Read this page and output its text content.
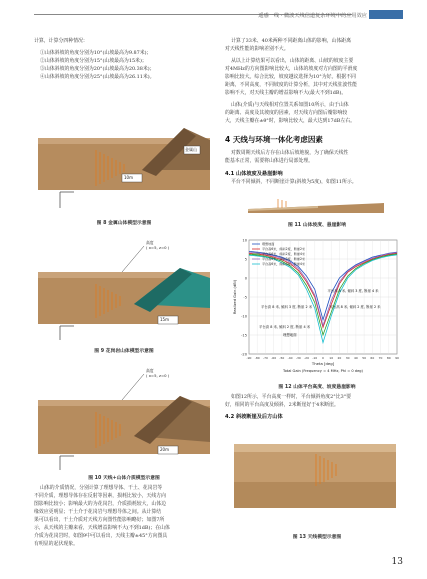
遥感一线 · 微波天线信道复杂环境中的应用效应
计算，计算分四种情况：
①山体斜坡的角度分别为10°(山坡最高为9.87米)；
②山体斜坡的角度分别为15°(山坡最高为15米)；
③山体斜坡的角度分别为20°(山坡最高为20.38米)；
④山体斜坡的角度分别为25°(山坡最高为26.11米)。
10m
金属山
图 8 金属山体模型示意图
高度
( x=5, z=0 )
15m
图 9 花岗岩山体模型示意图
高度
( x=5, z=0 )
20m
图 10 天线+山体介质模型示意图
山体的介质情况，分别计算了理想导体、干土、花岗岩等
不同介质，理想导体存在反射等因素，损耗比较小，天线方向
图影响比较小；影响最大的为花岗岩，介质损耗较大，山体边
缘效应更明显；干土介于花岗岩与理想导体之间。从计算结
果可以看出，干土介质对天线方向图性能影响略好；如图7所
示，从天线的主瓣来看，天线增益影响不大(不到1dB)；在山体
介质为花岗岩时，如图9中可以看出，天线主瓣±45°方向图具
有明显的起伏现象。
计算了33米、40米两种不同距离山体的影响，山体距离
对天线性能的影响差别不大。
从以上计算结果可以看出，山体的距离、山坡的坡度主要
对4MHz的方向图影响比较大，山体的坡度对方向图的平滑度
影响比较大。综合比较，坡度越议选择为10°为好。根据不同
距离，不同高度，不同坡度的计算分析，其中对天线驻波性能
影响不大，对天线主瓣的增益影响不大(最大不到1dB)。
山体(介质)与天线相对位置关系如图10所示，由于山体
的距离、高度及其坡度的因素，对天线方向图后瓣影响较
大，天线主瓣在±θ°时，影响比较大，最大达到17dB左右。
4 天线与环境一体化考虑因素
对数周期天线后方存在山体后坡地貌，为了确保天线性
能基本正常，需要将山体进行局部处理。
4.1 山体坡度及悬崖影响
平台不同倾斜，不同断崖计算(斜坡为5度)，如图11所示。
图 11 山体坡度、悬崖影响
-20
-15
-10
-5
0
5
10
-90 -80 -70 -60 -50 -40 -30 -20 -10 0 10 20 30 40 50 60 70 80 90
Theta [deg]
Total Gain (Frequency = 4 MHz, Phi = 0 deg)
Realized Gain (dBi)
理想地面
平台高6米，倾斜2度，断崖2米
平台高6米，倾斜2度，断崖4米
平台高6米，倾斜3度，断崖2米
平台高6米，倾斜3度，断崖4米
平台高 8 米, 倾斜 3 度, 断崖 4 米
平台高 8 米, 倾斜 2 度, 断崖 2 米
平台高 8 米, 倾斜 3 度, 断崖 2 米
平台高 8 米, 倾斜 2 度, 断崖 4 米
理想地面
图 12 山体平台高度、坡度悬崖影响
如图12所示，平台高度一样时，平台倾斜角度2°比3°要
好，相同的平台高度及倾斜，2米断崖好于4米断崖。
4.2 斜坡断崖及后方山体
图 13 天线模型示意图
13
